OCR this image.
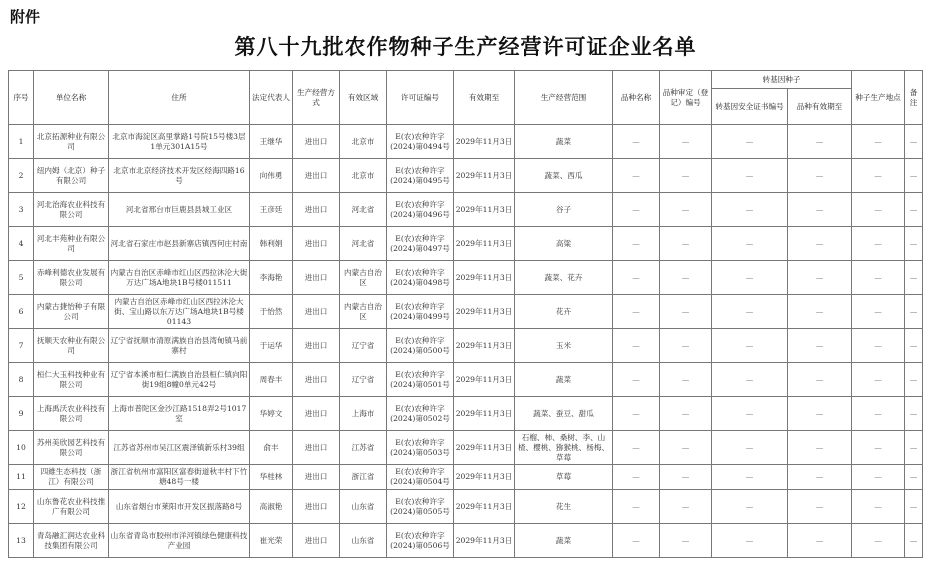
附件
第八十九批农作物种子生产经营许可证企业名单
序号	单位名称	住所	法定代表人	生产经营方式	有效区域	许可证编号	有效期至	生产经营范围	品种名称	品种审定（登记）编号	转基因种子		种子生产地点	备注
											转基因安全证书编号	品种有效期至		
1	北京拓源种业有限公司	北京市海淀区高里掌路1号院15号楼3层1单元301A15号	王继华	进出口	北京市	E(农)农种许字(2024)第0494号	2029年11月3日	蔬菜	—	—	—	—	—	—
2	纽内姆（北京）种子有限公司	北京市北京经济技术开发区经海四路16号	向伟勇	进出口	北京市	E(农)农种许字(2024)第0495号	2029年11月3日	蔬菜、西瓜	—	—	—	—	—	—
3	河北治海农业科技有限公司	河北省邢台市巨鹿县县城工业区	王彦廷	进出口	河北省	E(农)农种许字(2024)第0496号	2029年11月3日	谷子	—	—	—	—	—	—
4	河北丰苑种业有限公司	河北省石家庄市赵县新寨店镇西何庄村南	韩利娟	进出口	河北省	E(农)农种许字(2024)第0497号	2029年11月3日	高粱	—	—	—	—	—	—
5	赤峰利德农业发展有限公司	内蒙古自治区赤峰市红山区西拉沐沦大街万达广场A地块1B号楼011511	李海艳	进出口	内蒙古自治区	E(农)农种许字(2024)第0498号	2029年11月3日	蔬菜、花卉	—	—	—	—	—	—
6	内蒙古捷怡种子有限公司	内蒙古自治区赤峰市红山区西拉沐沦大街、宝山路以东万达广场A地块1B号楼01143	于怡然	进出口	内蒙古自治区	E(农)农种许字(2024)第0499号	2029年11月3日	花卉	—	—	—	—	—	—
7	抚顺天农种业有限公司	辽宁省抚顺市清原满族自治县湾甸镇马前寨村	于运华	进出口	辽宁省	E(农)农种许字(2024)第0500号	2029年11月3日	玉米	—	—	—	—	—	—
8	桓仁大玉科技种业有限公司	辽宁省本溪市桓仁满族自治县桓仁镇向阳街19组8幢0单元42号	周春丰	进出口	辽宁省	E(农)农种许字(2024)第0501号	2029年11月3日	蔬菜	—	—	—	—	—	—
9	上海禹沃农业科技有限公司	上海市普陀区金沙江路1518弄2号1017室	华婷文	进出口	上海市	E(农)农种许字(2024)第0502号	2029年11月3日	蔬菜、蚕豆、甜瓜	—	—	—	—	—	—
10	苏州美欣园艺科技有限公司	江苏省苏州市吴江区震泽镇新乐村39组	俞丰	进出口	江苏省	E(农)农种许字(2024)第0503号	2029年11月3日	石榴、柿、桑树、李、山楂、樱桃、猕猴桃、杨梅、草莓	—	—	—	—	—	—
11	四維生态科技（浙江）有限公司	浙江省杭州市富阳区富春街道秋丰村下竹塘48号一楼	华桂林	进出口	浙江省	E(农)农种许字(2024)第0504号	2029年11月3日	草莓	—	—	—	—	—	—
12	山东鲁花农业科技推广有限公司	山东省烟台市莱阳市开发区振落路8号	高淑艳	进出口	山东省	E(农)农种许字(2024)第0505号	2029年11月3日	花生	—	—	—	—	—	—
13	青岛融汇润达农业科技集团有限公司	山东省青岛市胶州市洋河镇绿色健康科技产业园	崔光荣	进出口	山东省	E(农)农种许字(2024)第0506号	2029年11月3日	蔬菜	—	—	—	—	—	—
